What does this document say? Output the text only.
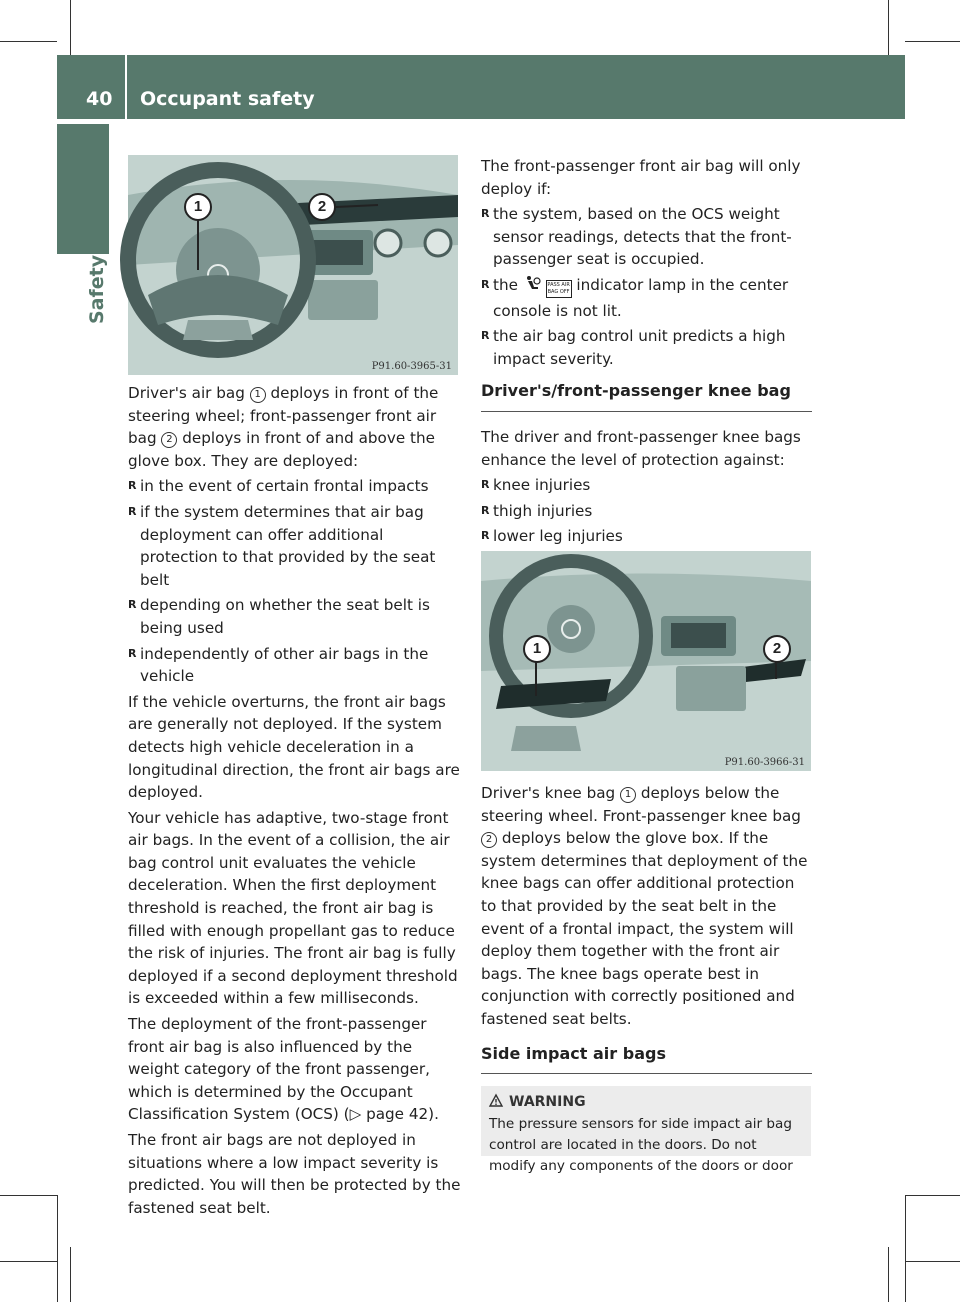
40 Occupant safety
Safety
1	2
P91.60-3965-31

Driver's air bag 1 deploys in front of the steering wheel; front-passenger front air bag 2 deploys in front of and above the glove box. They are deployed:

R in the event of certain frontal impacts
R if the system determines that air bag deployment can offer additional protection to that provided by the seat belt
R depending on whether the seat belt is being used
R independently of other air bags in the vehicle

If the vehicle overturns, the front air bags are generally not deployed. If the system detects high vehicle deceleration in a longitudinal direction, the front air bags are deployed.

Your vehicle has adaptive, two-stage front air bags. In the event of a collision, the air bag control unit evaluates the vehicle deceleration. When the first deployment threshold is reached, the front air bag is filled with enough propellant gas to reduce the risk of injuries. The front air bag is fully deployed if a second deployment threshold is exceeded within a few milliseconds.

The deployment of the front-passenger front air bag is also influenced by the weight category of the front passenger, which is determined by the Occupant Classification System (OCS) (▷ page 42).

The front air bags are not deployed in situations where a low impact severity is predicted. You will then be protected by the fastened seat belt.

The front-passenger front air bag will only deploy if:

R the system, based on the OCS weight sensor readings, detects that the front-passenger seat is occupied.
R the	PASS AIR BAG OFF indicator lamp in the center console is not lit.
R the air bag control unit predicts a high impact severity.
Driver's/front-passenger knee bag

The driver and front-passenger knee bags enhance the level of protection against:

R knee injuries
R thigh injuries
R lower leg injuries
1	2
P91.60-3966-31

Driver's knee bag 1 deploys below the steering wheel. Front-passenger knee bag 2 deploys below the glove box. If the system determines that deployment of the knee bags can offer additional protection to that provided by the seat belt in the event of a frontal impact, the system will deploy them together with the front air bags. The knee bags operate best in conjunction with correctly positioned and fastened seat belts.

Side impact air bags
WARNING
The pressure sensors for side impact air bag control are located in the doors. Do not modify any components of the doors or door
